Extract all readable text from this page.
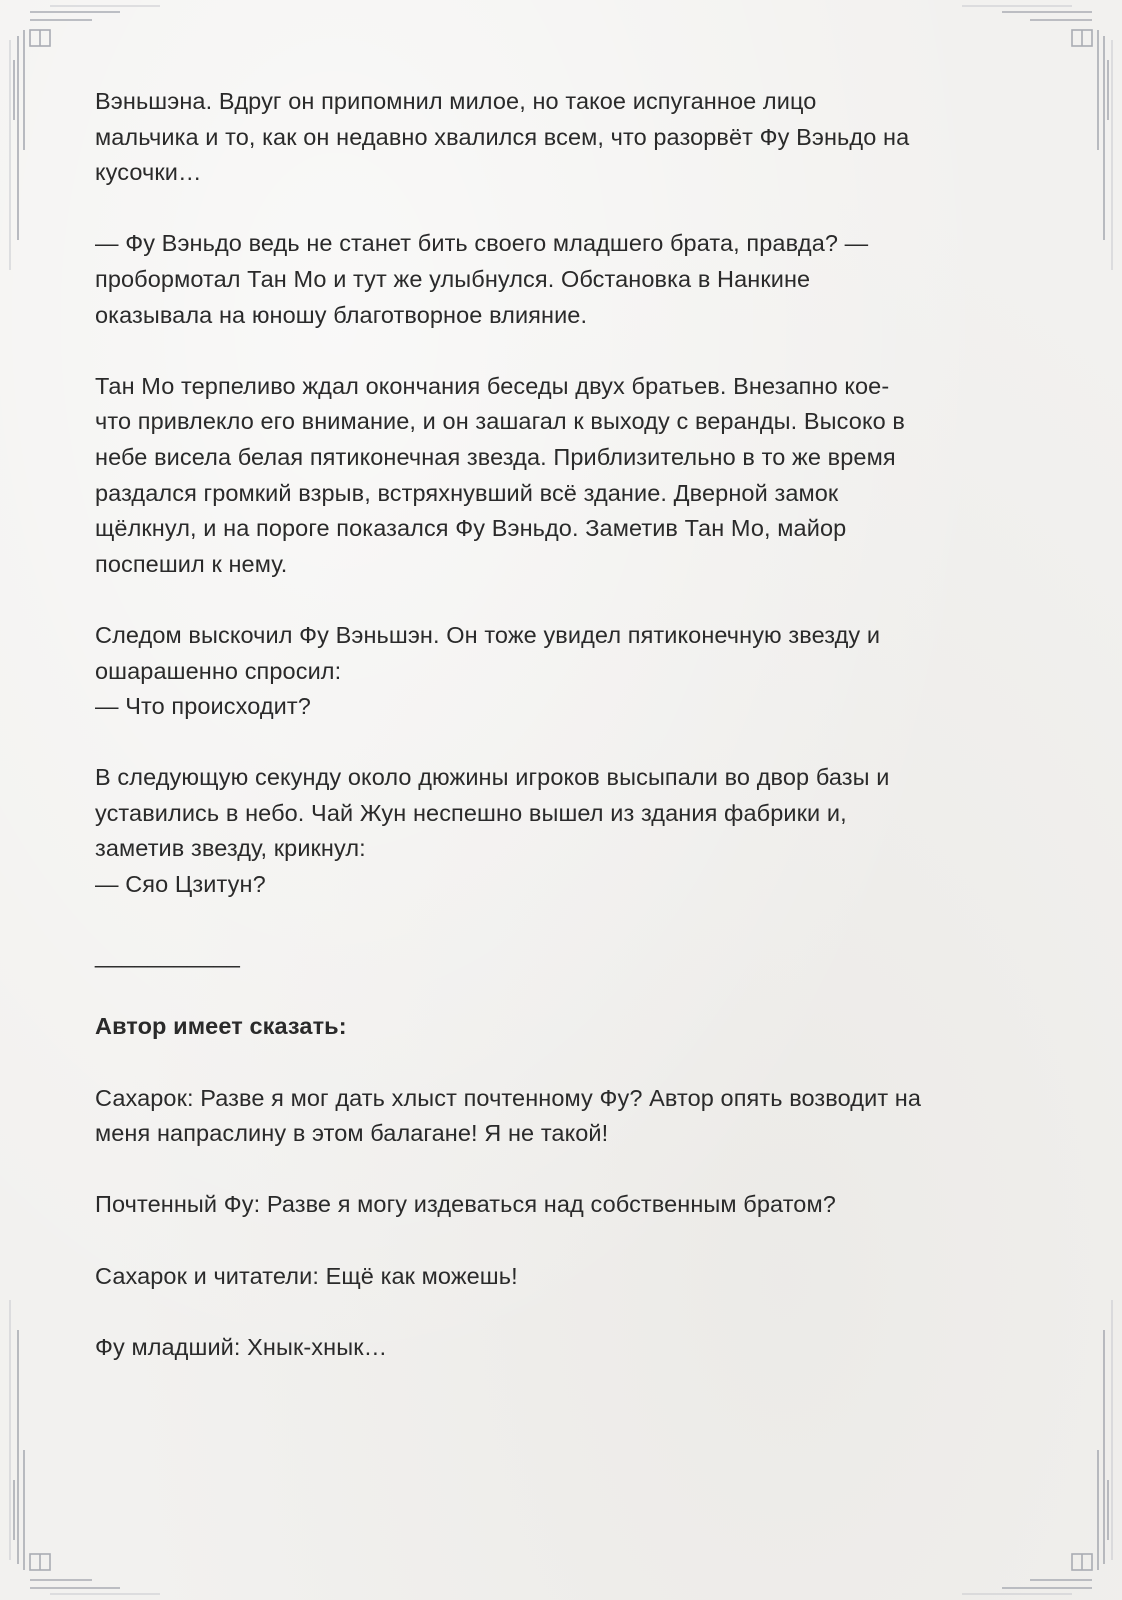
Вэньшэна. Вдруг он припомнил милое, но такое испуганное лицо
мальчика и то, как он недавно хвалился всем, что разорвёт Фу Вэньдо на
кусочки…

— Фу Вэньдо ведь не станет бить своего младшего брата, правда? —
пробормотал Тан Мо и тут же улыбнулся. Обстановка в Нанкине
оказывала на юношу благотворное влияние.

Тан Мо терпеливо ждал окончания беседы двух братьев. Внезапно кое-
что привлекло его внимание, и он зашагал к выходу с веранды. Высоко в
небе висела белая пятиконечная звезда. Приблизительно в то же время
раздался громкий взрыв, встряхнувший всё здание. Дверной замок
щёлкнул, и на пороге показался Фу Вэньдо. Заметив Тан Мо, майор
поспешил к нему.

Следом выскочил Фу Вэньшэн. Он тоже увидел пятиконечную звезду и
ошарашенно спросил:
— Что происходит?

В следующую секунду около дюжины игроков высыпали во двор базы и
уставились в небо. Чай Жун неспешно вышел из здания фабрики и,
заметив звезду, крикнул:
— Сяо Цзитун?

___________

Автор имеет сказать:

Сахарок: Разве я мог дать хлыст почтенному Фу? Автор опять возводит на
меня напраслину в этом балагане! Я не такой!

Почтенный Фу: Разве я могу издеваться над собственным братом?

Сахарок и читатели: Ещё как можешь!

Фу младший: Хнык-хнык…
